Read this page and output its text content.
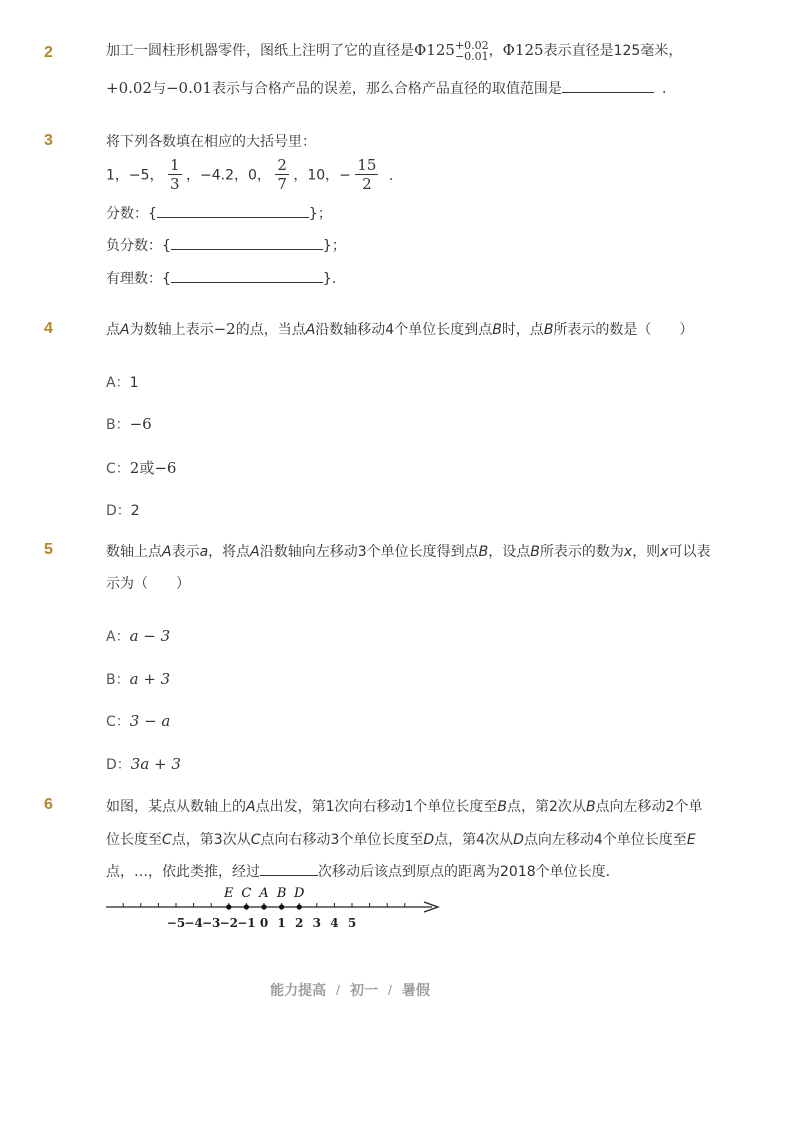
2	加工一圆柱形机器零件，图纸上注明了它的直径是Φ125 +0.02
−0.01 ，Φ125表示直径是125毫米，
+0.02与−0.01表示与合格产品的误差，那么合格产品直径的取值范围是	．
3	将下列各数填在相应的大括号里：
1，−5， $\frac{1}{3}$ ，−4.2，0， $\frac{2}{7}$ ，10，− $\frac{15}{2}$ ．
分数：{	}；
负分数：{	}；
有理数：{	}．
4	点A为数轴上表示−2的点，当点A沿数轴移动4个单位长度到点B时，点B所表示的数是（　　）
A：1
B：−6
C：2或−6
D：2
5	数轴上点A表示a，将点A沿数轴向左移动3个单位长度得到点B，设点B所表示的数为x，则x可以表
示为（　　）
A：a − 3
B：a + 3
C：3 − a
D：3a + 3
6	如图，某点从数轴上的A点出发，第1次向右移动1个单位长度至B点，第2次从B点向左移动2个单
位长度至C点，第3次从C点向右移动3个单位长度至D点，第4次从D点向左移动4个单位长度至E
点，…，依此类推，经过	次移动后该点到原点的距离为2018个单位长度．
−5 −4 −3 −2 −1 0 1 2 3 4 5
E C A B D
能力提高 / 初一 / 暑假
